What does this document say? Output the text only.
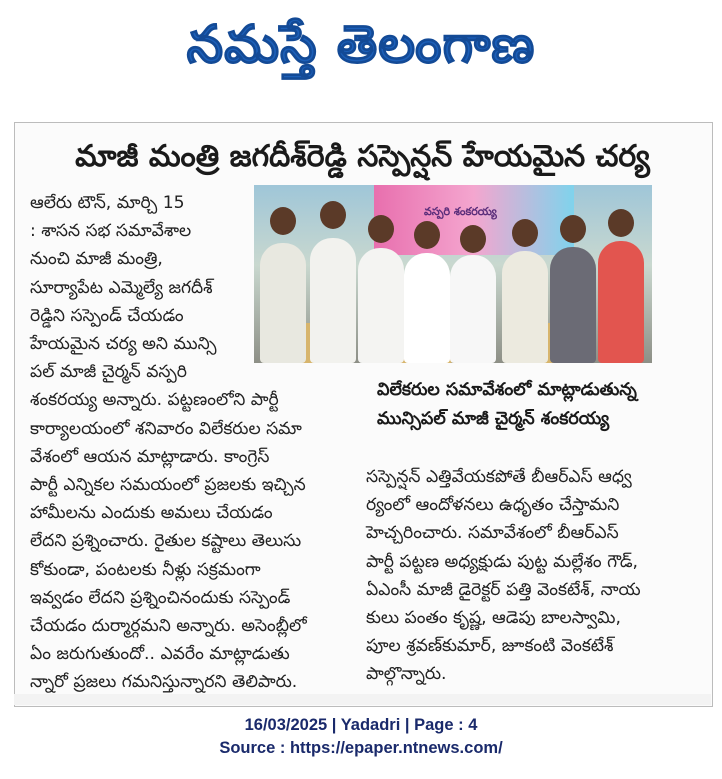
నమస్తే తెలంగాణ
మాజీ మంత్రి జగదీశ్‌రెడ్డి సస్పెన్షన్ హేయమైన చర్య
ఆలేరు టౌన్, మార్చి 15
: శాసన సభ సమావేశాల
నుంచి మాజీ మంత్రి,
సూర్యాపేట ఎమ్మెల్యే జగదీశ్
రెడ్డిని సస్పెండ్ చేయడం
హేయమైన చర్య అని మున్సి
పల్ మాజీ చైర్మన్ వస్పరి
శంకరయ్య అన్నారు. పట్టణంలోని పార్టీ
కార్యాలయంలో శనివారం విలేకరుల సమా
వేశంలో ఆయన మాట్లాడారు. కాంగ్రెస్
పార్టీ ఎన్నికల సమయంలో ప్రజలకు ఇచ్చిన
హామీలను ఎందుకు అమలు చేయడం
లేదని ప్రశ్నించారు. రైతుల కష్టాలు తెలుసు
కోకుండా, పంటలకు నీళ్లు సక్రమంగా
ఇవ్వడం లేదని ప్రశ్నించినందుకు సస్పెండ్
చేయడం దుర్మార్గమని అన్నారు. అసెంబ్లీలో
ఏం జరుగుతుందో.. ఎవరేం మాట్లాడుతు
న్నారో ప్రజలు గమనిస్తున్నారని తెలిపారు.
వస్పరి శంకరయ్య
విలేకరుల సమావేశంలో మాట్లాడుతున్న
మున్సిపల్ మాజీ చైర్మన్ శంకరయ్య
సస్పెన్షన్ ఎత్తివేయకపోతే బీఆర్ఎస్ ఆధ్వ
ర్యంలో ఆందోళనలు ఉధృతం చేస్తామని
హెచ్చరించారు. సమావేశంలో బీఆర్ఎస్
పార్టీ పట్టణ అధ్యక్షుడు పుట్ట మల్లేశం గౌడ్,
ఏఎంసీ మాజీ డైరెక్టర్ పత్తి వెంకటేశ్, నాయ
కులు పంతం కృష్ణ, ఆడెపు బాలస్వామి,
పూల శ్రవణ్‌కుమార్, జూకంటి వెంకటేశ్
పాల్గొన్నారు.
16/03/2025 | Yadadri | Page : 4
Source : https://epaper.ntnews.com/
